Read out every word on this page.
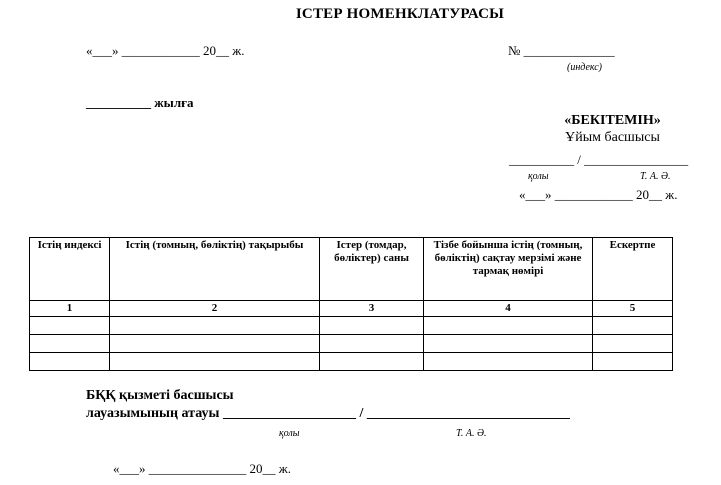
ІСТЕР НОМЕНКЛАТУРАСЫ
«___» ____________ 20__ ж.	№ ______________
(индекс)
__________ жылға
«БЕКІТЕМІН»
Ұйым басшысы
__________ / ________________
қолы	Т. А. Ә.
«___» ____________ 20__ ж.
Істің индексі	Істің (томның, бөліктің) тақырыбы	Істер (томдар, бөліктер) саны	Тізбе бойынша істің (томның, бөліктің) сақтау мерзімі және тармақ нөмірі	Ескертпе
1	2	3	4	5

БҚҚ қызметі басшысы
лауазымының атауы ___________________ / _____________________________
қолы	Т. А. Ә.
«___» _______________ 20__ ж.
